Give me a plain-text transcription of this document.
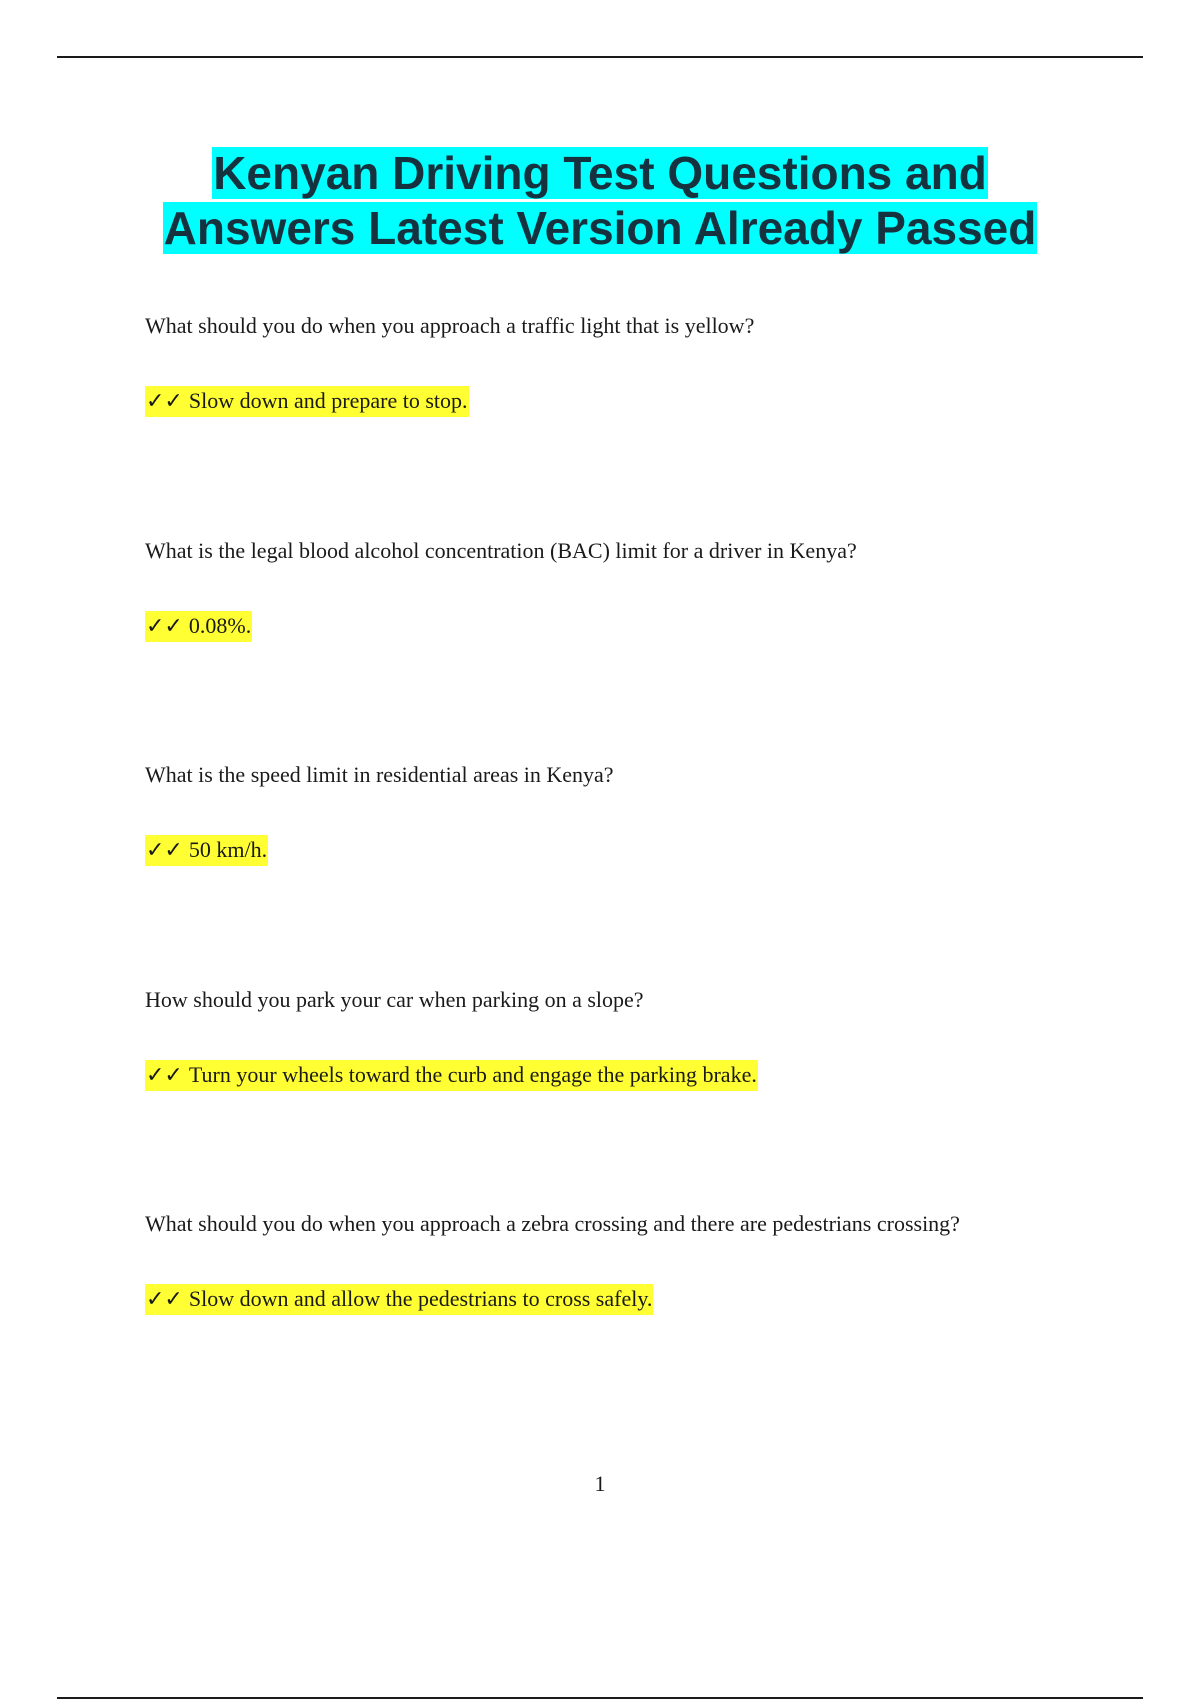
Kenyan Driving Test Questions and
Answers Latest Version Already Passed

What should you do when you approach a traffic light that is yellow?

✓✓ Slow down and prepare to stop.

What is the legal blood alcohol concentration (BAC) limit for a driver in Kenya?

✓✓ 0.08%.

What is the speed limit in residential areas in Kenya?

✓✓ 50 km/h.

How should you park your car when parking on a slope?

✓✓ Turn your wheels toward the curb and engage the parking brake.

What should you do when you approach a zebra crossing and there are pedestrians crossing?

✓✓ Slow down and allow the pedestrians to cross safely.

1
